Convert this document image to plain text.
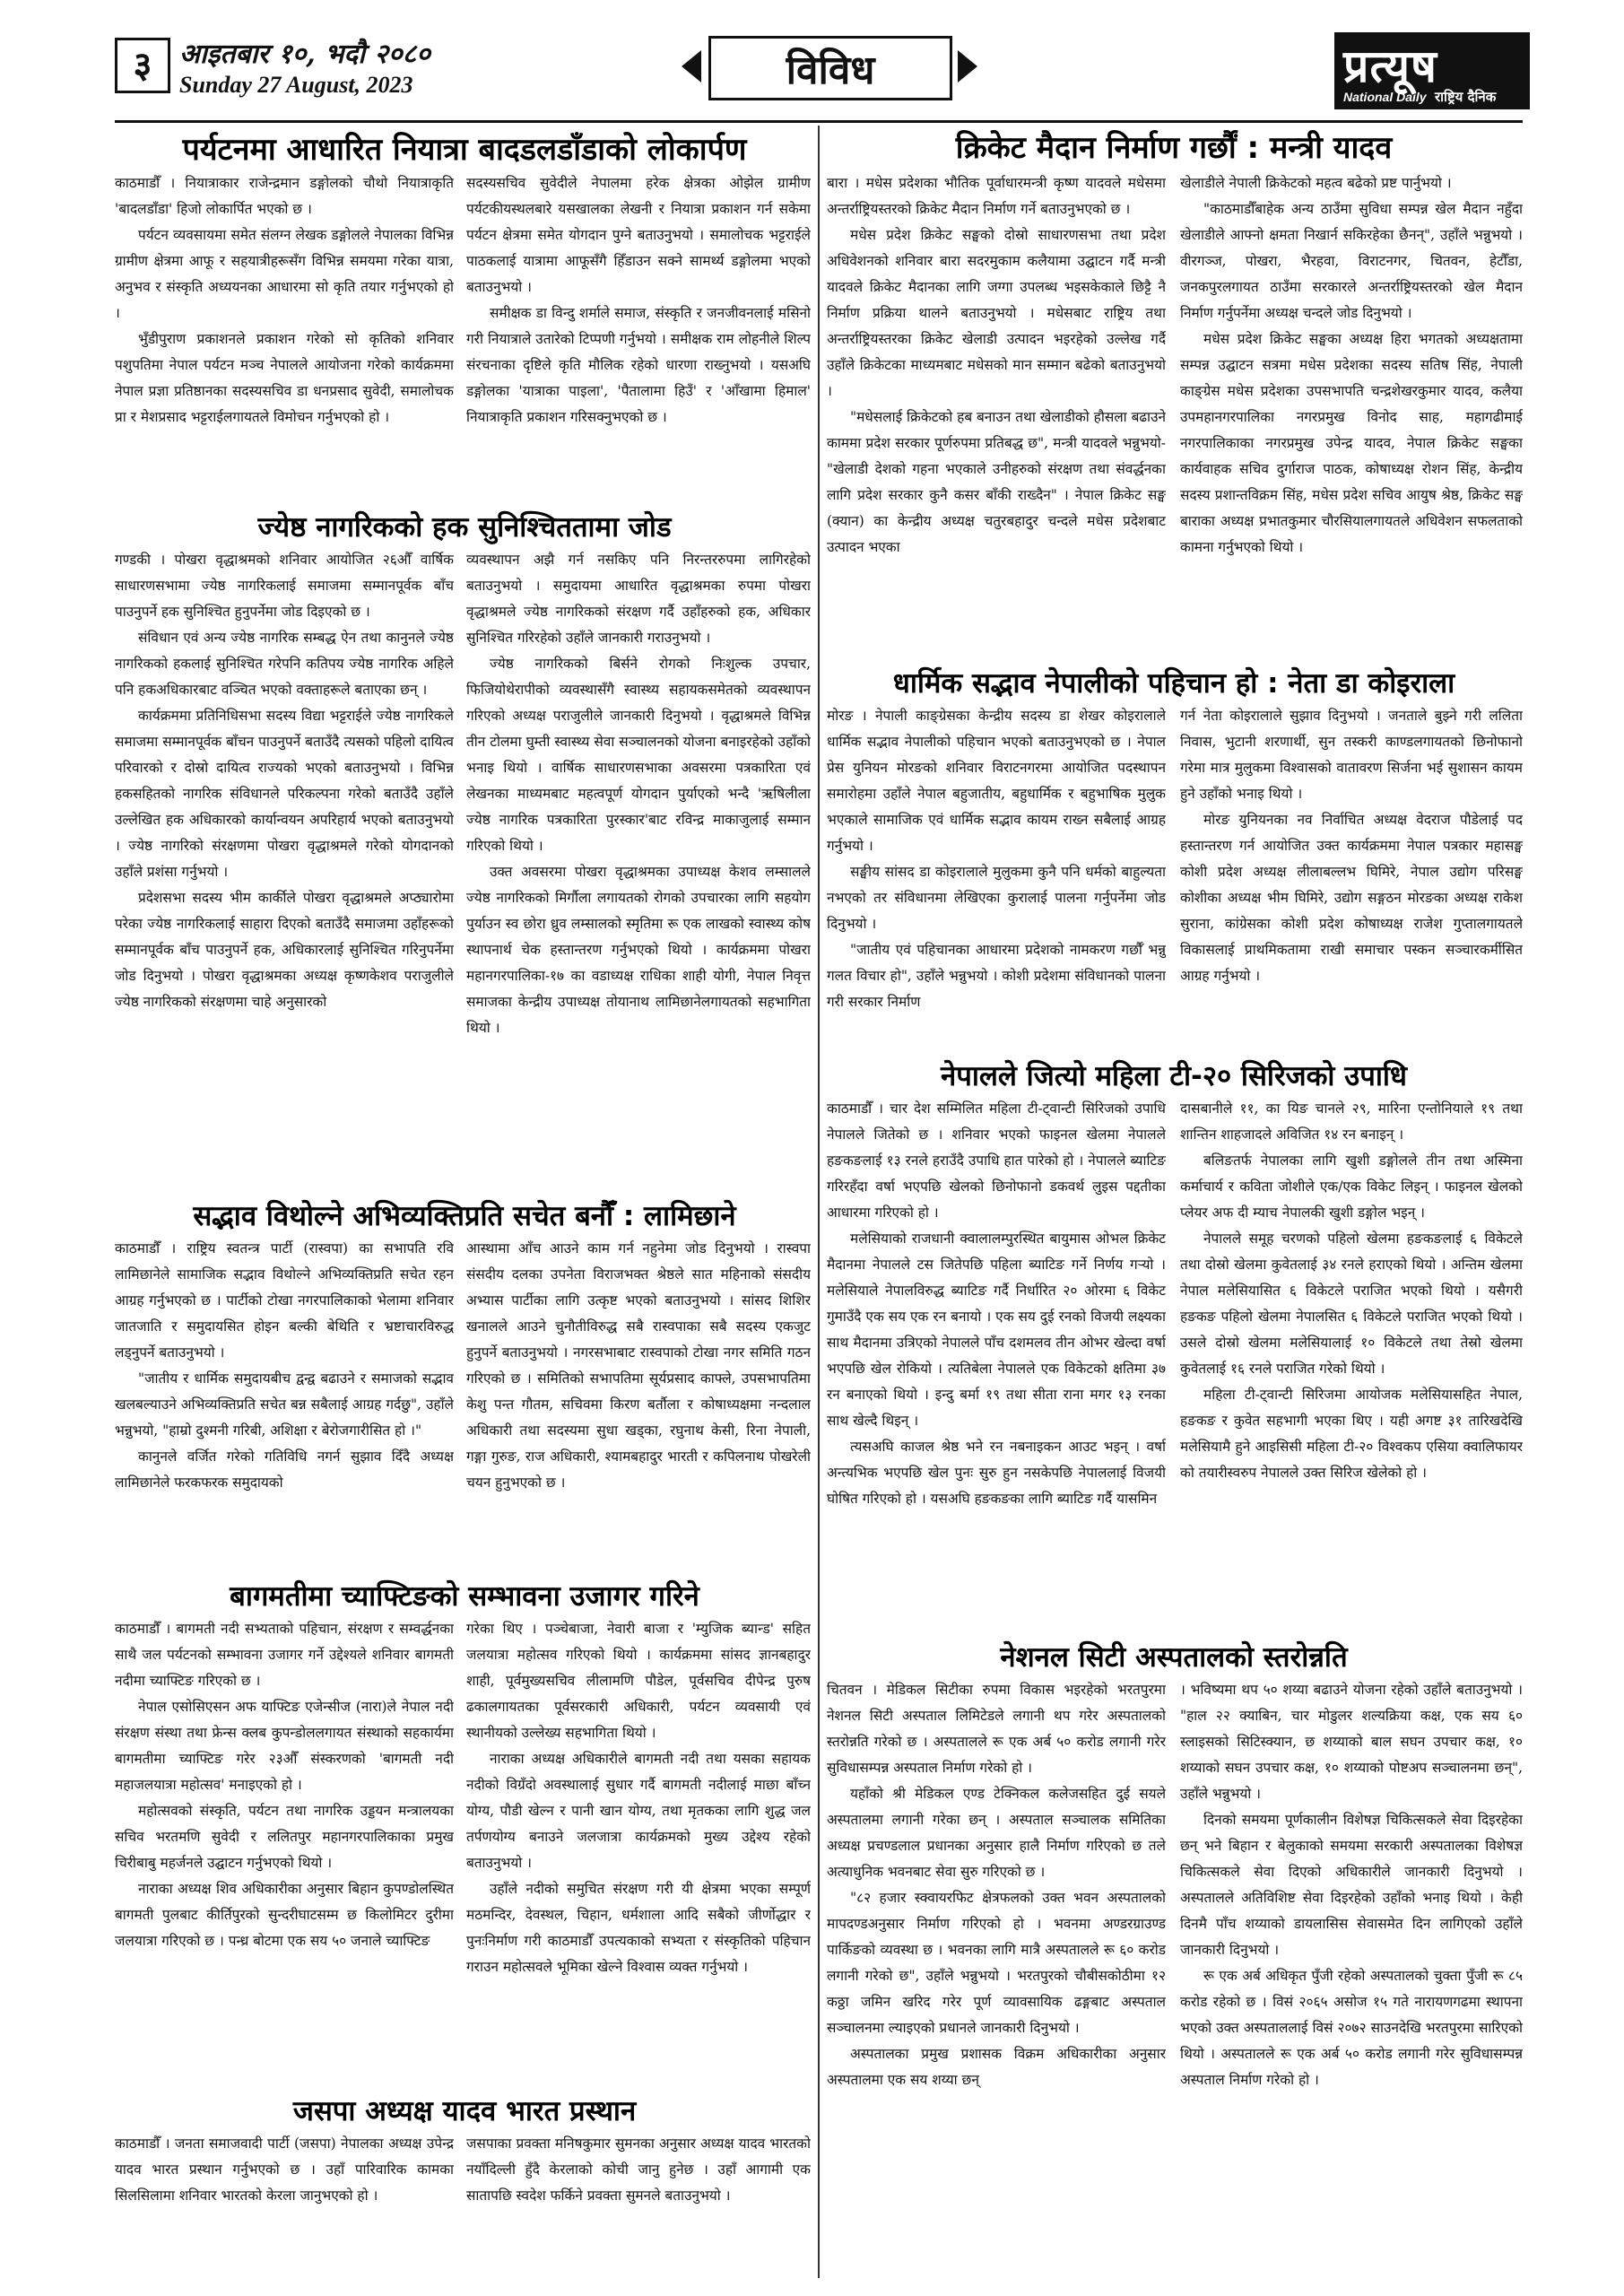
३	आइतबार १०, भदौ २०८०
Sunday 27 August, 2023	विविध	प्रत्यूष
National Daily राष्ट्रिय दैनिक
पर्यटनमा आधारित नियात्रा बादडलडाँडाको लोकार्पण

काठमाडौँ । नियात्राकार राजेन्द्रमान डङ्गोलको चौथो नियात्राकृति 'बादलडाँडा' हिजो लोकार्पित भएको छ ।

पर्यटन व्यवसायमा समेत संलग्न लेखक डङ्गोलले नेपालका विभिन्न ग्रामीण क्षेत्रमा आफू र सहयात्रीहरूसँग विभिन्न समयमा गरेका यात्रा, अनुभव र संस्कृति अध्ययनका आधारमा सो कृति तयार गर्नुभएको हो ।

भुँडीपुराण प्रकाशनले प्रकाशन गरेको सो कृतिको शनिवार पशुपतिमा नेपाल पर्यटन मञ्च नेपालले आयोजना गरेको कार्यक्रममा नेपाल प्रज्ञा प्रतिष्ठानका सदस्यसचिव डा धनप्रसाद सुवेदी, समालोचक प्रा र मेशप्रसाद भट्टराईलगायतले विमोचन गर्नुभएको हो ।

सदस्यसचिव सुवेदीले नेपालमा हरेक क्षेत्रका ओझेल ग्रामीण पर्यटकीयस्थलबारे यसखालका लेखनी र नियात्रा प्रकाशन गर्न सकेमा पर्यटन क्षेत्रमा समेत योगदान पुग्ने बताउनुभयो । समालोचक भट्टराईले पाठकलाई यात्रामा आफूसँगै हिँडाउन सक्ने सामर्थ्य डङ्गोलमा भएको बताउनुभयो ।

समीक्षक डा विन्दु शर्माले समाज, संस्कृति र जनजीवनलाई मसिनो गरी नियात्राले उतारेको टिप्पणी गर्नुभयो । समीक्षक राम लोहनीले शिल्प संरचनाका दृष्टिले कृति मौलिक रहेको धारणा राख्नुभयो । यसअघि डङ्गोलका 'यात्राका पाइला', 'पैतालामा हिउँ' र 'आँखामा हिमाल' नियात्राकृति प्रकाशन गरिसक्नुभएको छ ।

ज्येष्ठ नागरिकको हक सुनिश्चिततामा जोड

गण्डकी । पोखरा वृद्धाश्रमको शनिवार आयोजित २६औँ वार्षिक साधारणसभामा ज्येष्ठ नागरिकलाई समाजमा सम्मानपूर्वक बाँच पाउनुपर्ने हक सुनिश्चित हुनुपर्नेमा जोड दिइएको छ ।

संविधान एवं अन्य ज्येष्ठ नागरिक सम्बद्ध ऐन तथा कानुनले ज्येष्ठ नागरिकको हकलाई सुनिश्चित गरेपनि कतिपय ज्येष्ठ नागरिक अहिले पनि हकअधिकारबाट वञ्चित भएको वक्ताहरूले बताएका छन् ।

कार्यक्रममा प्रतिनिधिसभा सदस्य विद्या भट्टराईले ज्येष्ठ नागरिकले समाजमा सम्मानपूर्वक बाँचन पाउनुपर्ने बताउँदै त्यसको पहिलो दायित्व परिवारको र दोस्रो दायित्व राज्यको भएको बताउनुभयो । विभिन्न हकसहितको नागरिक संविधानले परिकल्पना गरेको बताउँदै उहाँले उल्लेखित हक अधिकारको कार्यान्वयन अपरिहार्य भएको बताउनुभयो । ज्येष्ठ नागरिको संरक्षणमा पोखरा वृद्धाश्रमले गरेको योगदानको उहाँले प्रशंसा गर्नुभयो ।

प्रदेशसभा सदस्य भीम कार्कीले पोखरा वृद्धाश्रमले अप्ठ्यारोमा परेका ज्येष्ठ नागरिकलाई साहारा दिएको बताउँदै समाजमा उहाँहरूको सम्मानपूर्वक बाँच पाउनुपर्ने हक, अधिकारलाई सुनिश्चित गरिनुपर्नेमा जोड दिनुभयो । पोखरा वृद्धाश्रमका अध्यक्ष कृष्णकेशव पराजुलीले ज्येष्ठ नागरिकको संरक्षणमा चाहे अनुसारको

व्यवस्थापन अझै गर्न नसकिए पनि निरन्तररुपमा लागिरहेको बताउनुभयो । समुदायमा आधारित वृद्धाश्रमका रुपमा पोखरा वृद्धाश्रमले ज्येष्ठ नागरिकको संरक्षण गर्दै उहाँहरुको हक, अधिकार सुनिश्चित गरिरहेको उहाँले जानकारी गराउनुभयो ।

ज्येष्ठ नागरिकको बिर्सने रोगको निःशुल्क उपचार, फिजियोथेरापीको व्यवस्थासँगै स्वास्थ्य सहायकसमेतको व्यवस्थापन गरिएको अध्यक्ष पराजुलीले जानकारी दिनुभयो । वृद्धाश्रमले विभिन्न तीन टोलमा घुम्ती स्वास्थ्य सेवा सञ्चालनको योजना बनाइरहेको उहाँको भनाइ थियो । वार्षिक साधारणसभाका अवसरमा पत्रकारिता एवं लेखनका माध्यमबाट महत्वपूर्ण योगदान पुर्याएको भन्दै 'ऋषिलीला ज्येष्ठ नागरिक पत्रकारिता पुरस्कार'बाट रविन्द्र माकाजुलाई सम्मान गरिएको थियो ।

उक्त अवसरमा पोखरा वृद्धाश्रमका उपाध्यक्ष केशव लम्सालले ज्येष्ठ नागरिकको मिर्गौला लगायतको रोगको उपचारका लागि सहयोग पुर्याउन स्व छोरा ध्रुव लम्सालको स्मृतिमा रू एक लाखको स्वास्थ्य कोष स्थापनार्थ चेक हस्तान्तरण गर्नुभएको थियो । कार्यक्रममा पोखरा महानगरपालिका-१७ का वडाध्यक्ष राधिका शाही योगी, नेपाल निवृत्त समाजका केन्द्रीय उपाध्यक्ष तोयानाथ लामिछानेलगायतको सहभागिता थियो ।

सद्भाव विथोल्ने अभिव्यक्तिप्रति सचेत बनौँ : लामिछाने

काठमाडौँ । राष्ट्रिय स्वतन्त्र पार्टी (रास्वपा) का सभापति रवि लामिछानेले सामाजिक सद्भाव विथोल्ने अभिव्यक्तिप्रति सचेत रहन आग्रह गर्नुभएको छ । पार्टीको टोखा नगरपालिकाको भेलामा शनिवार जातजाति र समुदायसित होइन बल्की बेथिति र भ्रष्टाचारविरुद्ध लड्नुपर्ने बताउनुभयो ।

"जातीय र धार्मिक समुदायबीच द्वन्द्व बढाउने र समाजको सद्भाव खलबल्याउने अभिव्यक्तिप्रति सचेत बन्न सबैलाई आग्रह गर्दछु", उहाँले भन्नुभयो, "हाम्रो दुश्मनी गरिबी, अशिक्षा र बेरोजगारीसित हो ।"

कानुनले वर्जित गरेको गतिविधि नगर्न सुझाव दिँदै अध्यक्ष लामिछानेले फरकफरक समुदायको

आस्थामा आँच आउने काम गर्न नहुनेमा जोड दिनुभयो । रास्वपा संसदीय दलका उपनेता विराजभक्त श्रेष्ठले सात महिनाको संसदीय अभ्यास पार्टीका लागि उत्कृष्ट भएको बताउनुभयो । सांसद शिशिर खनालले आउने चुनौतीविरुद्ध सबै रास्वपाका सबै सदस्य एकजुट हुनुपर्ने बताउनुभयो । नगरसभाबाट रास्वपाको टोखा नगर समिति गठन गरिएको छ । समितिको सभापतिमा सूर्यप्रसाद काफ्ले, उपसभापतिमा केशु पन्त गौतम, सचिवमा किरण बर्तौला र कोषाध्यक्षमा नन्दलाल अधिकारी तथा सदस्यमा सुधा खड्का, रघुनाथ केसी, रिना नेपाली, गङ्गा गुरुङ, राज अधिकारी, श्यामबहादुर भारती र कपिलनाथ पोखरेली चयन हुनुभएको छ ।

बागमतीमा च्याफ्टिङको सम्भावना उजागर गरिने

काठमाडौँ । बागमती नदी सभ्यताको पहिचान, संरक्षण र सम्वर्द्धनका साथै जल पर्यटनको सम्भावना उजागर गर्ने उद्देश्यले शनिवार बागमती नदीमा च्याफ्टिङ गरिएको छ ।

नेपाल एसोसिएसन अफ याफ्टिङ एजेन्सीज (नारा)ले नेपाल नदी संरक्षण संस्था तथा फ्रेन्स क्लब कुपन्डोललगायत संस्थाको सहकार्यमा बागमतीमा च्याफ्टिङ गरेर २३औँ संस्करणको 'बागमती नदी महाजलयात्रा महोत्सव' मनाइएको हो ।

महोत्सवको संस्कृति, पर्यटन तथा नागरिक उड्डयन मन्त्रालयका सचिव भरतमणि सुवेदी र ललितपुर महानगरपालिकाका प्रमुख चिरीबाबु महर्जनले उद्घाटन गर्नुभएको थियो ।

नाराका अध्यक्ष शिव अधिकारीका अनुसार बिहान कुपण्डोलस्थित बागमती पुलबाट कीर्तिपुरको सुन्दरीघाटसम्म छ किलोमिटर दुरीमा जलयात्रा गरिएको छ । पन्ध्र बोटमा एक सय ५० जनाले च्याफ्टिङ

गरेका थिए । पञ्चेबाजा, नेवारी बाजा र 'म्युजिक ब्यान्ड' सहित जलयात्रा महोत्सव गरिएको थियो । कार्यक्रममा सांसद ज्ञानबहादुर शाही, पूर्वमुख्यसचिव लीलामणि पौडेल, पूर्वसचिव दीपेन्द्र पुरुष ढकालगायतका पूर्वसरकारी अधिकारी, पर्यटन व्यवसायी एवं स्थानीयको उल्लेख्य सहभागिता थियो ।

नाराका अध्यक्ष अधिकारीले बागमती नदी तथा यसका सहायक नदीको विग्रँदो अवस्थालाई सुधार गर्दै बागमती नदीलाई माछा बाँच्न योग्य, पौडी खेल्न र पानी खान योग्य, तथा मृतकका लागि शुद्ध जल तर्पणयोग्य बनाउने जलजात्रा कार्यक्रमको मुख्य उद्देश्य रहेको बताउनुभयो ।

उहाँले नदीको समुचित संरक्षण गरी यी क्षेत्रमा भएका सम्पूर्ण मठमन्दिर, देवस्थल, चिहान, धर्मशाला आदि सबैको जीर्णोद्धार र पुनःनिर्माण गरी काठमाडौँ उपत्यकाको सभ्यता र संस्कृतिको पहिचान गराउन महोत्सवले भूमिका खेल्ने विश्वास व्यक्त गर्नुभयो ।

जसपा अध्यक्ष यादव भारत प्रस्थान

काठमाडौँ । जनता समाजवादी पार्टी (जसपा) नेपालका अध्यक्ष उपेन्द्र यादव भारत प्रस्थान गर्नुभएको छ । उहाँ पारिवारिक कामका सिलसिलामा शनिवार भारतको केरला जानुभएको हो ।

जसपाका प्रवक्ता मनिषकुमार सुमनका अनुसार अध्यक्ष यादव भारतको नयाँदिल्ली हुँदै केरलाको कोची जानु हुनेछ । उहाँ आगामी एक सातापछि स्वदेश फर्किने प्रवक्ता सुमनले बताउनुभयो ।

क्रिकेट मैदान निर्माण गर्छौं : मन्त्री यादव

बारा । मधेस प्रदेशका भौतिक पूर्वाधारमन्त्री कृष्ण यादवले मधेसमा अन्तर्राष्ट्रियस्तरको क्रिकेट मैदान निर्माण गर्ने बताउनुभएको छ ।

मधेस प्रदेश क्रिकेट सङ्घको दोस्रो साधारणसभा तथा प्रदेश अधिवेशनको शनिवार बारा सदरमुकाम कलैयामा उद्घाटन गर्दै मन्त्री यादवले क्रिकेट मैदानका लागि जग्गा उपलब्ध भइसकेकाले छिट्टै नै निर्माण प्रक्रिया थालने बताउनुभयो । मधेसबाट राष्ट्रिय तथा अन्तर्राष्ट्रियस्तरका क्रिकेट खेलाडी उत्पादन भइरहेको उल्लेख गर्दै उहाँले क्रिकेटका माध्यमबाट मधेसको मान सम्मान बढेको बताउनुभयो ।

"मधेसलाई क्रिकेटको हब बनाउन तथा खेलाडीको हौसला बढाउने काममा प्रदेश सरकार पूर्णरुपमा प्रतिबद्ध छ", मन्त्री यादवले भन्नुभयो-"खेलाडी देशको गहना भएकाले उनीहरुको संरक्षण तथा संवर्द्धनका लागि प्रदेश सरकार कुनै कसर बाँकी राख्दैन" । नेपाल क्रिकेट सङ्घ (क्यान) का केन्द्रीय अध्यक्ष चतुरबहादुर चन्दले मधेस प्रदेशबाट उत्पादन भएका

खेलाडीले नेपाली क्रिकेटको महत्व बढेको प्रष्ट पार्नुभयो ।

"काठमाडौँबाहेक अन्य ठाउँमा सुविधा सम्पन्न खेल मैदान नहुँदा खेलाडीले आफ्नो क्षमता निखार्न सकिरहेका छैनन्", उहाँले भन्नुभयो । वीरगञ्ज, पोखरा, भैरहवा, विराटनगर, चितवन, हेटौँडा, जनकपुरलगायत ठाउँमा सरकारले अन्तर्राष्ट्रियस्तरको खेल मैदान निर्माण गर्नुपर्नेमा अध्यक्ष चन्दले जोड दिनुभयो ।

मधेस प्रदेश क्रिकेट सङ्घका अध्यक्ष हिरा भगतको अध्यक्षतामा सम्पन्न उद्घाटन सत्रमा मधेस प्रदेशका सदस्य सतिष सिंह, नेपाली काङ्ग्रेस मधेस प्रदेशका उपसभापति चन्द्रशेखरकुमार यादव, कलैया उपमहानगरपालिका नगरप्रमुख विनोद साह, महागढीमाई नगरपालिकाका नगरप्रमुख उपेन्द्र यादव, नेपाल क्रिकेट सङ्घका कार्यवाहक सचिव दुर्गाराज पाठक, कोषाध्यक्ष रोशन सिंह, केन्द्रीय सदस्य प्रशान्तविक्रम सिंह, मधेस प्रदेश सचिव आयुष श्रेष्ठ, क्रिकेट सङ्घ बाराका अध्यक्ष प्रभातकुमार चौरसियालगायतले अधिवेशन सफलताको कामना गर्नुभएको थियो ।

धार्मिक सद्भाव नेपालीको पहिचान हो : नेता डा कोइराला

मोरङ । नेपाली काङ्ग्रेसका केन्द्रीय सदस्य डा शेखर कोइरालाले धार्मिक सद्भाव नेपालीको पहिचान भएको बताउनुभएको छ । नेपाल प्रेस युनियन मोरङको शनिवार विराटनगरमा आयोजित पदस्थापन समारोहमा उहाँले नेपाल बहुजातीय, बहुधार्मिक र बहुभाषिक मुलुक भएकाले सामाजिक एवं धार्मिक सद्भाव कायम राख्न सबैलाई आग्रह गर्नुभयो ।

सङ्घीय सांसद डा कोइरालाले मुलुकमा कुनै पनि धर्मको बाहुल्यता नभएको तर संविधानमा लेखिएका कुरालाई पालना गर्नुपर्नेमा जोड दिनुभयो ।

"जातीय एवं पहिचानका आधारमा प्रदेशको नामकरण गर्छौँ भन्नु गलत विचार हो", उहाँले भन्नुभयो । कोशी प्रदेशमा संविधानको पालना गरी सरकार निर्माण

गर्न नेता कोइरालाले सुझाव दिनुभयो । जनताले बुझ्ने गरी ललिता निवास, भुटानी शरणार्थी, सुन तस्करी काण्डलगायतको छिनोफानो गरेमा मात्र मुलुकमा विश्वासको वातावरण सिर्जना भई सुशासन कायम हुने उहाँको भनाइ थियो ।

मोरङ युनियनका नव निर्वाचित अध्यक्ष वेदराज पौडेलाई पद हस्तान्तरण गर्न आयोजित उक्त कार्यक्रममा नेपाल पत्रकार महासङ्घ कोशी प्रदेश अध्यक्ष लीलाबल्लभ घिमिरे, नेपाल उद्योग परिसङ्घ कोशीका अध्यक्ष भीम घिमिरे, उद्योग सङ्गठन मोरङका अध्यक्ष राकेश सुराना, कांग्रेसका कोशी प्रदेश कोषाध्यक्ष राजेश गुप्तालगायतले विकासलाई प्राथमिकतामा राखी समाचार पस्कन सञ्चारकर्मीसित आग्रह गर्नुभयो ।

नेपालले जित्यो महिला टी-२० सिरिजको उपाधि

काठमाडौँ । चार देश सम्मिलित महिला टी-ट्वान्टी सिरिजको उपाधि नेपालले जितेको छ । शनिवार भएको फाइनल खेलमा नेपालले हङकङलाई १३ रनले हराउँदै उपाधि हात पारेको हो । नेपालले ब्याटिङ गरिरहँदा वर्षा भएपछि खेलको छिनोफानो डकवर्थ लुइस पद्दतीका आधारमा गरिएको हो ।

मलेसियाको राजधानी क्वालालम्पुरस्थित बायुमास ओभल क्रिकेट मैदानमा नेपालले टस जितेपछि पहिला ब्याटिङ गर्ने निर्णय गऱ्यो । मलेसियाले नेपालविरुद्ध ब्याटिङ गर्दै निर्धारित २० ओरमा ६ विकेट गुमाउँदै एक सय एक रन बनायो । एक सय दुई रनको विजयी लक्ष्यका साथ मैदानमा उत्रिएको नेपालले पाँच दशमलव तीन ओभर खेल्दा वर्षा भएपछि खेल रोकियो । त्यतिबेला नेपालले एक विकेटको क्षतिमा ३७ रन बनाएको थियो । इन्दु बर्मा १९ तथा सीता राना मगर १३ रनका साथ खेल्दै थिइन् ।

त्यसअघि काजल श्रेष्ठ भने रन नबनाइकन आउट भइन् । वर्षा अन्त्यभिक भएपछि खेल पुनः सुरु हुन नसकेपछि नेपाललाई विजयी घोषित गरिएको हो । यसअघि हङकङका लागि ब्याटिङ गर्दै यासमिन

दासबानीले ११, का यिङ चानले २९, मारिना एन्तोनियाले १९ तथा शान्तिन शाहजादले अविजित १४ रन बनाइन् ।

बलिङतर्फ नेपालका लागि खुशी डङ्गोलले तीन तथा अस्मिना कर्माचार्य र कविता जोशीले एक/एक विकेट लिइन् । फाइनल खेलको प्लेयर अफ दी म्याच नेपालकी खुशी डङ्गोल भइन् ।

नेपालले समूह चरणको पहिलो खेलमा हङकङलाई ६ विकेटले तथा दोस्रो खेलमा कुवेतलाई ३४ रनले हराएको थियो । अन्तिम खेलमा नेपाल मलेसियासित ६ विकेटले पराजित भएको थियो । यसैगरी हङकङ पहिलो खेलमा नेपालसित ६ विकेटले पराजित भएको थियो । उसले दोस्रो खेलमा मलेसियालाई १० विकेटले तथा तेस्रो खेलमा कुवेतलाई १६ रनले पराजित गरेको थियो ।

महिला टी-ट्वान्टी सिरिजमा आयोजक मलेसियासहित नेपाल, हङकङ र कुवेत सहभागी भएका थिए । यही अगष्ट ३१ तारिखदेखि मलेसियामै हुने आइसिसी महिला टी-२० विश्वकप एसिया क्वालिफायर को तयारीस्वरुप नेपालले उक्त सिरिज खेलेको हो ।

नेशनल सिटी अस्पतालको स्तरोन्नति

चितवन । मेडिकल सिटीका रुपमा विकास भइरहेको भरतपुरमा नेशनल सिटी अस्पताल लिमिटेडले लगानी थप गरेर अस्पतालको स्तरोन्नति गरेको छ । अस्पतालले रू एक अर्ब ५० करोड लगानी गरेर सुविधासम्पन्न अस्पताल निर्माण गरेको हो ।

यहाँको श्री मेडिकल एण्ड टेक्निकल कलेजसहित दुई सयले अस्पतालमा लगानी गरेका छन् । अस्पताल सञ्चालक समितिका अध्यक्ष प्रचण्डलाल प्रधानका अनुसार हालै निर्माण गरिएको छ तले अत्याधुनिक भवनबाट सेवा सुरु गरिएको छ ।

"८२ हजार स्क्वायरफिट क्षेत्रफलको उक्त भवन अस्पतालको मापदण्डअनुसार निर्माण गरिएको हो । भवनमा अण्डरग्राउण्ड पार्किङको व्यवस्था छ । भवनका लागि मात्रै अस्पतालले रू ६० करोड लगानी गरेको छ", उहाँले भन्नुभयो । भरतपुरको चौबीसकोठीमा १२ कठ्ठा जमिन खरिद गरेर पूर्ण व्यावसायिक ढङ्गबाट अस्पताल सञ्चालनमा ल्याइएको प्रधानले जानकारी दिनुभयो ।

अस्पतालका प्रमुख प्रशासक विक्रम अधिकारीका अनुसार अस्पतालमा एक सय शय्या छन्

। भविष्यमा थप ५० शय्या बढाउने योजना रहेको उहाँले बताउनुभयो । "हाल २२ क्याबिन, चार मोडुलर शल्यक्रिया कक्ष, एक सय ६० स्लाइसको सिटिस्क्यान, छ शय्याको बाल सघन उपचार कक्ष, १० शय्याको सघन उपचार कक्ष, १० शय्याको पोष्टअप सञ्चालनमा छन्", उहाँले भन्नुभयो ।

दिनको समयमा पूर्णकालीन विशेषज्ञ चिकित्सकले सेवा दिइरहेका छन् भने बिहान र बेलुकाको समयमा सरकारी अस्पतालका विशेषज्ञ चिकित्सकले सेवा दिएको अधिकारीले जानकारी दिनुभयो । अस्पतालले अतिविशिष्ट सेवा दिइरहेको उहाँको भनाइ थियो । केही दिनमै पाँच शय्याको डायलासिस सेवासमेत दिन लागिएको उहाँले जानकारी दिनुभयो ।

रू एक अर्ब अधिकृत पुँजी रहेको अस्पतालको चुक्ता पुँजी रू ८५ करोड रहेको छ । विसं २०६५ असोज १५ गते नारायणगढमा स्थापना भएको उक्त अस्पताललाई विसं २०७२ साउनदेखि भरतपुरमा सारिएको थियो । अस्पतालले रू एक अर्ब ५० करोड लगानी गरेर सुविधासम्पन्न अस्पताल निर्माण गरेको हो ।
